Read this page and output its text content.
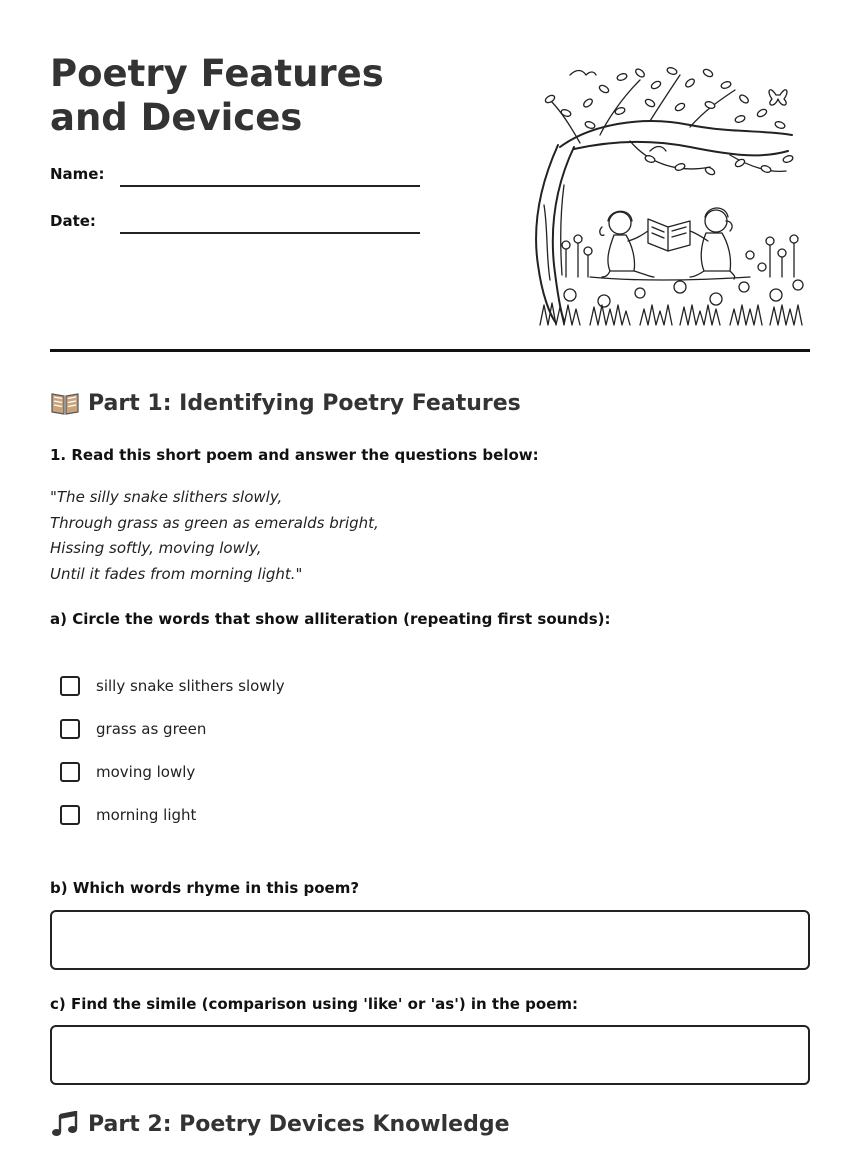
Poetry Features and Devices
Name:
Date:
Part 1: Identifying Poetry Features
1. Read this short poem and answer the questions below:
"The silly snake slithers slowly,
Through grass as green as emeralds bright,
Hissing softly, moving lowly,
Until it fades from morning light."
a) Circle the words that show alliteration (repeating first sounds):
silly snake slithers slowly
grass as green
moving lowly
morning light
b) Which words rhyme in this poem?
c) Find the simile (comparison using 'like' or 'as') in the poem:
Part 2: Poetry Devices Knowledge
